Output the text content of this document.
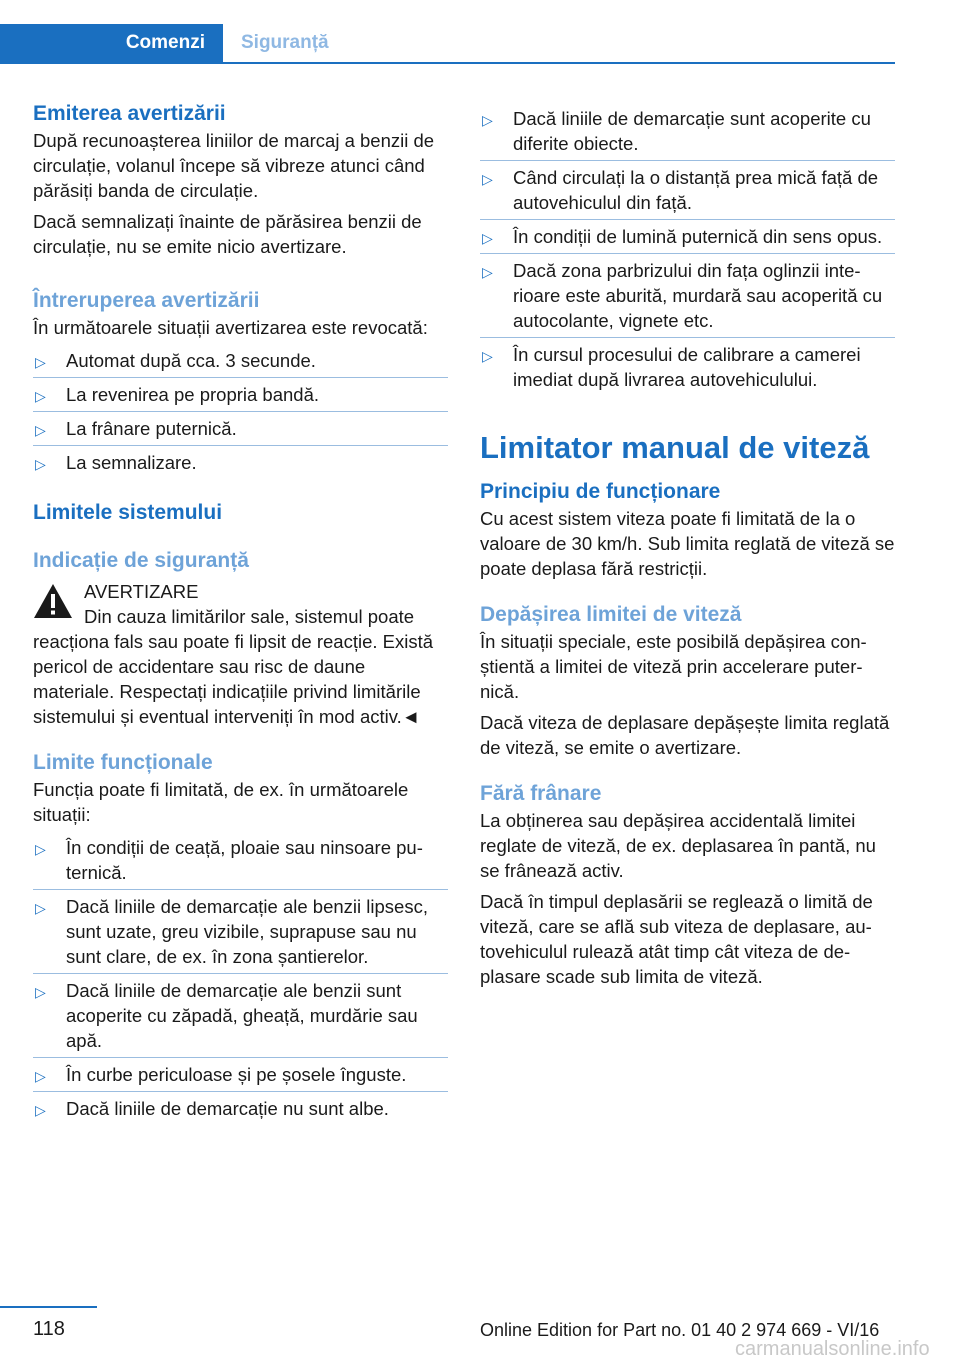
Comenzi	Siguranță
Emiterea avertizării

După recunoașterea liniilor de marcaj a benzii de circulație, volanul începe să vibreze atunci când părăsiți banda de circulație.

Dacă semnalizați înainte de părăsirea benzii de circulație, nu se emite nicio avertizare.

Întreruperea avertizării

În următoarele situații avertizarea este revocată:

▷ Automat după cca. 3 secunde.
▷ La revenirea pe propria bandă.
▷ La frânare puternică.
▷ La semnalizare.
Limitele sistemului
Indicație de siguranță

AVERTIZARE

Din cauza limitărilor sale, sistemul poate reacționa fals sau poate fi lipsit de reacție. Există pericol de accidentare sau risc de daune materiale. Respectați indicațiile privind limitările sistemului și eventual interveniți în mod activ.◄

Limite funcționale

Funcția poate fi limitată, de ex. în următoarele situații:

▷ În condiții de ceață, ploaie sau ninsoare puternică.
▷ Dacă liniile de demarcație ale benzii lipsesc, sunt uzate, greu vizibile, suprapuse sau nu sunt clare, de ex. în zona șantierelor.
▷ Dacă liniile de demarcație ale benzii sunt acoperite cu zăpadă, gheață, murdărie sau apă.
▷ În curbe periculoase și pe șosele înguste.
▷ Dacă liniile de demarcație nu sunt albe.
▷ Dacă liniile de demarcație sunt acoperite cu diferite obiecte.
▷ Când circulați la o distanță prea mică față de autovehiculul din față.
▷ În condiții de lumină puternică din sens opus.
▷ Dacă zona parbrizului din fața oglinzii interioare este aburită, murdară sau acoperită cu autocolante, vignete etc.
▷ În cursul procesului de calibrare a camerei imediat după livrarea autovehiculului.
Limitator manual de viteză
Principiu de funcționare

Cu acest sistem viteza poate fi limitată de la o valoare de 30 km/h. Sub limita reglată de viteză se poate deplasa fără restricții.

Depășirea limitei de viteză

În situații speciale, este posibilă depășirea conștientă a limitei de viteză prin accelerare puternică.

Dacă viteza de deplasare depășește limita reglată de viteză, se emite o avertizare.

Fără frânare

La obținerea sau depășirea accidentală limitei reglate de viteză, de ex. deplasarea în pantă, nu se frânează activ.

Dacă în timpul deplasării se reglează o limită de viteză, care se află sub viteza de deplasare, autovehiculul rulează atât timp cât viteza de deplasare scade sub limita de viteză.

118	Online Edition for Part no. 01 40 2 974 669 - VI/16
carmanualsonline.info
